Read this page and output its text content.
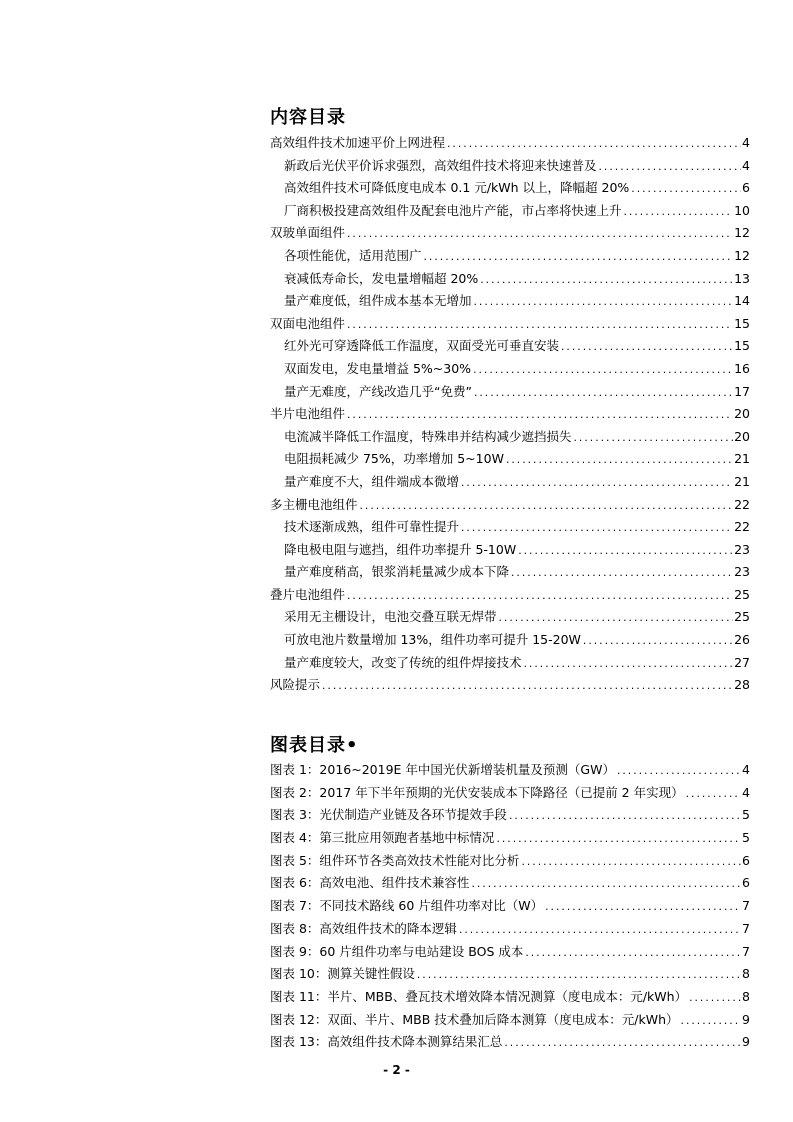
内容目录
高效组件技术加速平价上网进程 .....	4
新政后光伏平价诉求强烈，高效组件技术将迎来快速普及 .....	4
高效组件技术可降低度电成本 0.1 元/kWh 以上，降幅超 20% .....	6
厂商积极投建高效组件及配套电池片产能，市占率将快速上升 .....	10
双玻单面组件 .....	12
各项性能优，适用范围广 .....	12
衰减低寿命长，发电量增幅超 20% .....	13
量产难度低，组件成本基本无增加 .....	14
双面电池组件 .....	15
红外光可穿透降低工作温度，双面受光可垂直安装 .....	15
双面发电，发电量增益 5%~30% .....	16
量产无难度，产线改造几乎“免费” .....	17
半片电池组件 .....	20
电流减半降低工作温度，特殊串并结构减少遮挡损失 .....	20
电阻损耗减少 75%，功率增加 5~10W .....	21
量产难度不大，组件端成本微增 .....	21
多主栅电池组件 .....	22
技术逐渐成熟，组件可靠性提升 .....	22
降电极电阻与遮挡，组件功率提升 5-10W .....	23
量产难度稍高，银浆消耗量减少成本下降 .....	23
叠片电池组件 .....	25
采用无主栅设计，电池交叠互联无焊带 .....	25
可放电池片数量增加 13%，组件功率可提升 15-20W .....	26
量产难度较大，改变了传统的组件焊接技术 .....	27
风险提示 .....	28
图表目录•
图表 1：2016~2019E 年中国光伏新增装机量及预测（GW） .....	4
图表 2：2017 年下半年预期的光伏安装成本下降路径（已提前 2 年实现） .....	4
图表 3：光伏制造产业链及各环节提效手段 .....	5
图表 4：第三批应用领跑者基地中标情况 .....	5
图表 5：组件环节各类高效技术性能对比分析 .....	6
图表 6：高效电池、组件技术兼容性 .....	6
图表 7：不同技术路线 60 片组件功率对比（W） .....	7
图表 8：高效组件技术的降本逻辑 .....	7
图表 9：60 片组件功率与电站建设 BOS 成本 .....	7
图表 10：测算关键性假设 .....	8
图表 11：半片、MBB、叠瓦技术增效降本情况测算（度电成本：元/kWh） .....	8
图表 12：双面、半片、MBB 技术叠加后降本测算（度电成本：元/kWh） .....	9
图表 13：高效组件技术降本测算结果汇总 .....	9
- 2 -
